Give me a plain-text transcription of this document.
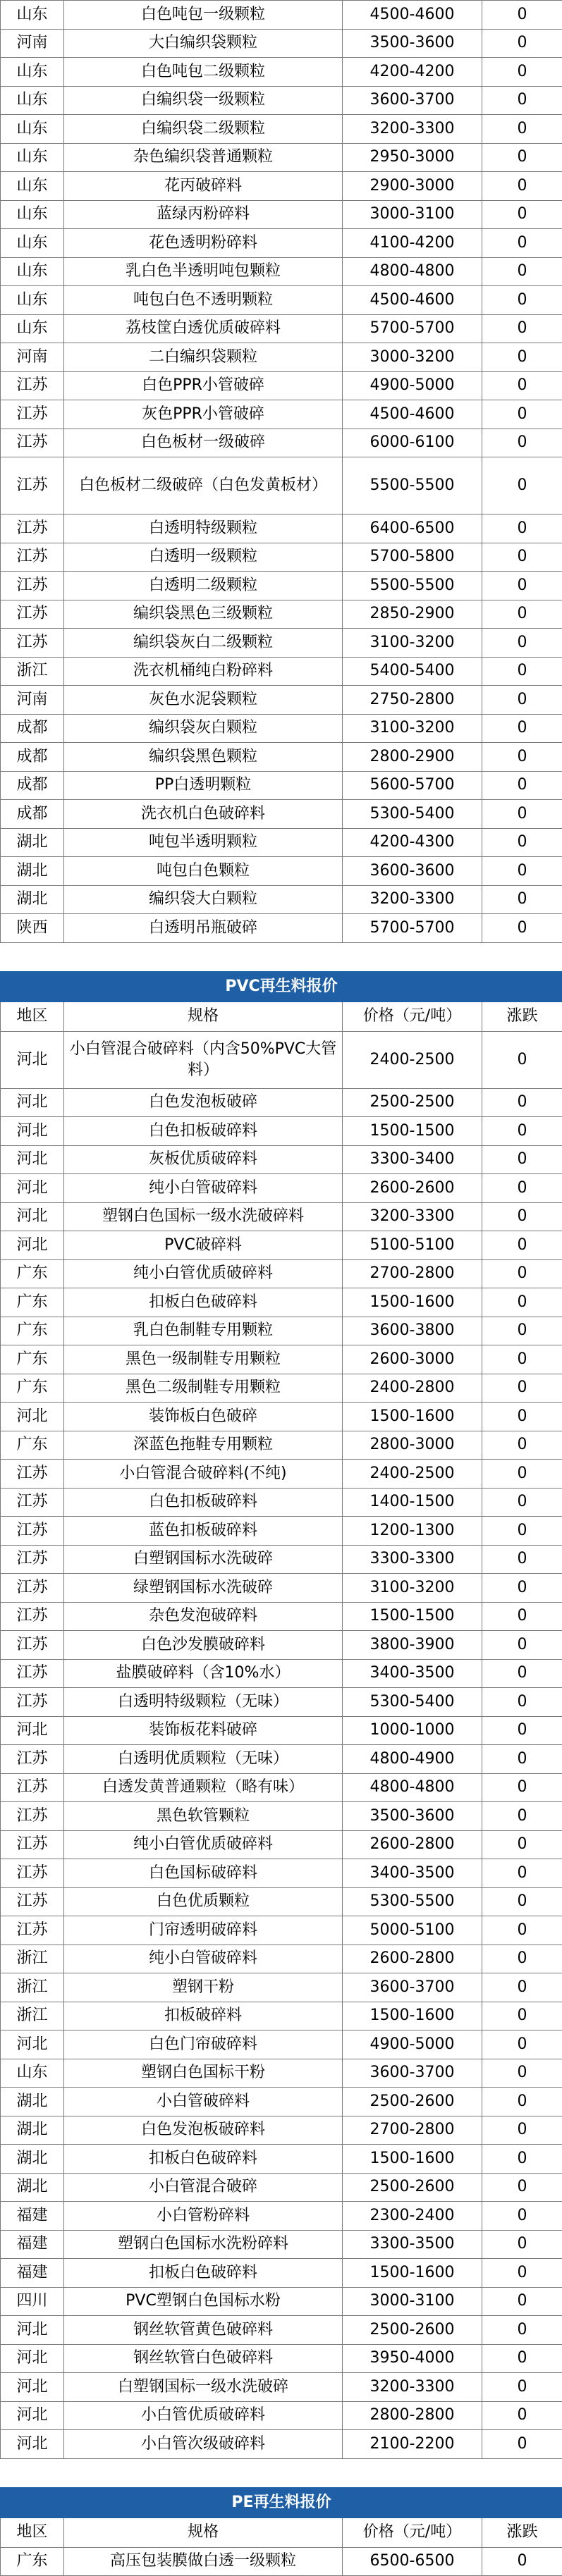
山东	白色吨包一级颗粒	4500-4600	0
河南	大白编织袋颗粒	3500-3600	0
山东	白色吨包二级颗粒	4200-4200	0
山东	白编织袋一级颗粒	3600-3700	0
山东	白编织袋二级颗粒	3200-3300	0
山东	杂色编织袋普通颗粒	2950-3000	0
山东	花丙破碎料	2900-3000	0
山东	蓝绿丙粉碎料	3000-3100	0
山东	花色透明粉碎料	4100-4200	0
山东	乳白色半透明吨包颗粒	4800-4800	0
山东	吨包白色不透明颗粒	4500-4600	0
山东	荔枝筐白透优质破碎料	5700-5700	0
河南	二白编织袋颗粒	3000-3200	0
江苏	白色PPR小管破碎	4900-5000	0
江苏	灰色PPR小管破碎	4500-4600	0
江苏	白色板材一级破碎	6000-6100	0
江苏	白色板材二级破碎（白色发黄板材）	5500-5500	0
江苏	白透明特级颗粒	6400-6500	0
江苏	白透明一级颗粒	5700-5800	0
江苏	白透明二级颗粒	5500-5500	0
江苏	编织袋黑色三级颗粒	2850-2900	0
江苏	编织袋灰白二级颗粒	3100-3200	0
浙江	洗衣机桶纯白粉碎料	5400-5400	0
河南	灰色水泥袋颗粒	2750-2800	0
成都	编织袋灰白颗粒	3100-3200	0
成都	编织袋黑色颗粒	2800-2900	0
成都	PP白透明颗粒	5600-5700	0
成都	洗衣机白色破碎料	5300-5400	0
湖北	吨包半透明颗粒	4200-4300	0
湖北	吨包白色颗粒	3600-3600	0
湖北	编织袋大白颗粒	3200-3300	0
陕西	白透明吊瓶破碎	5700-5700	0

PVC再生料报价			
地区	规格	价格（元/吨）	涨跌
河北	小白管混合破碎料（内含50%PVC大管料）	2400-2500	0
河北	白色发泡板破碎	2500-2500	0
河北	白色扣板破碎料	1500-1500	0
河北	灰板优质破碎料	3300-3400	0
河北	纯小白管破碎料	2600-2600	0
河北	塑钢白色国标一级水洗破碎料	3200-3300	0
河北	PVC破碎料	5100-5100	0
广东	纯小白管优质破碎料	2700-2800	0
广东	扣板白色破碎料	1500-1600	0
广东	乳白色制鞋专用颗粒	3600-3800	0
广东	黑色一级制鞋专用颗粒	2600-3000	0
广东	黑色二级制鞋专用颗粒	2400-2800	0
河北	装饰板白色破碎	1500-1600	0
广东	深蓝色拖鞋专用颗粒	2800-3000	0
江苏	小白管混合破碎料(不纯)	2400-2500	0
江苏	白色扣板破碎料	1400-1500	0
江苏	蓝色扣板破碎料	1200-1300	0
江苏	白塑钢国标水洗破碎	3300-3300	0
江苏	绿塑钢国标水洗破碎	3100-3200	0
江苏	杂色发泡破碎料	1500-1500	0
江苏	白色沙发膜破碎料	3800-3900	0
江苏	盐膜破碎料（含10%水）	3400-3500	0
江苏	白透明特级颗粒（无味）	5300-5400	0
河北	装饰板花料破碎	1000-1000	0
江苏	白透明优质颗粒（无味）	4800-4900	0
江苏	白透发黄普通颗粒（略有味）	4800-4800	0
江苏	黑色软管颗粒	3500-3600	0
江苏	纯小白管优质破碎料	2600-2800	0
江苏	白色国标破碎料	3400-3500	0
江苏	白色优质颗粒	5300-5500	0
江苏	门帘透明破碎料	5000-5100	0
浙江	纯小白管破碎料	2600-2800	0
浙江	塑钢干粉	3600-3700	0
浙江	扣板破碎料	1500-1600	0
河北	白色门帘破碎料	4900-5000	0
山东	塑钢白色国标干粉	3600-3700	0
湖北	小白管破碎料	2500-2600	0
湖北	白色发泡板破碎料	2700-2800	0
湖北	扣板白色破碎料	1500-1600	0
湖北	小白管混合破碎	2500-2600	0
福建	小白管粉碎料	2300-2400	0
福建	塑钢白色国标水洗粉碎料	3300-3500	0
福建	扣板白色破碎料	1500-1600	0
四川	PVC塑钢白色国标水粉	3000-3100	0
河北	钢丝软管黄色破碎料	2500-2600	0
河北	钢丝软管白色破碎料	3950-4000	0
河北	白塑钢国标一级水洗破碎	3200-3300	0
河北	小白管优质破碎料	2800-2800	0
河北	小白管次级破碎料	2100-2200	0

PE再生料报价			
地区	规格	价格（元/吨）	涨跌
广东	高压包装膜做白透一级颗粒	6500-6500	0
